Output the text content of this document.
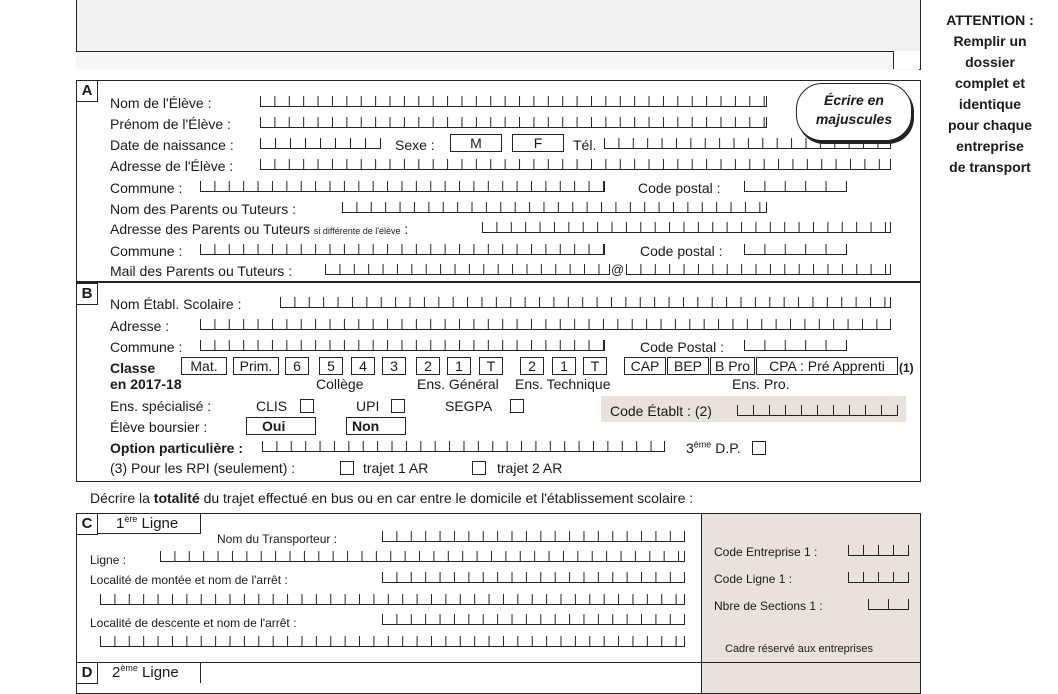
ATTENTION :
Remplir un
dossier
complet et
identique
pour chaque
entreprise
de transport
A
Nom de l'Élève :
Prénom de l'Élève :
Date de naissance :	Sexe :	M	F	Tél.
Adresse de l'Élève :
Commune :	Code postal :
Nom des Parents ou Tuteurs :
Adresse des Parents ou Tuteurs si différente de l'élève :
Commune :	Code postal :
Mail des Parents ou Tuteurs :	@
Écrire en
majuscules
B
Nom Établ. Scolaire :
Adresse :
Commune :	Code Postal :
Classe
en 2017-18
Mat.	Prim.	6	5	4	3	2	1	T	2	1	T	CAP	BEP B Pro	CPA : Pré Apprenti	(1)
Collège	Ens. Général Ens. Technique	Ens. Pro.
Ens. spécialisé :	CLIS	UPI	SEGPA	Code Établt : (2)
Élève boursier :	Oui	Non
Option particulière :	3ème D.P.
(3) Pour les RPI (seulement) :	trajet 1 AR	trajet 2 AR
Décrire la totalité du trajet effectué en bus ou en car entre le domicile et l'établissement scolaire :
C	1ère Ligne
Nom du Transporteur :
Ligne :
Localité de montée et nom de l'arrêt :
Localité de descente et nom de l'arrêt :
Code Entreprise 1 :
Code Ligne 1 :
Nbre de Sections 1 :
Cadre réservé aux entreprises
D	2ème Ligne
